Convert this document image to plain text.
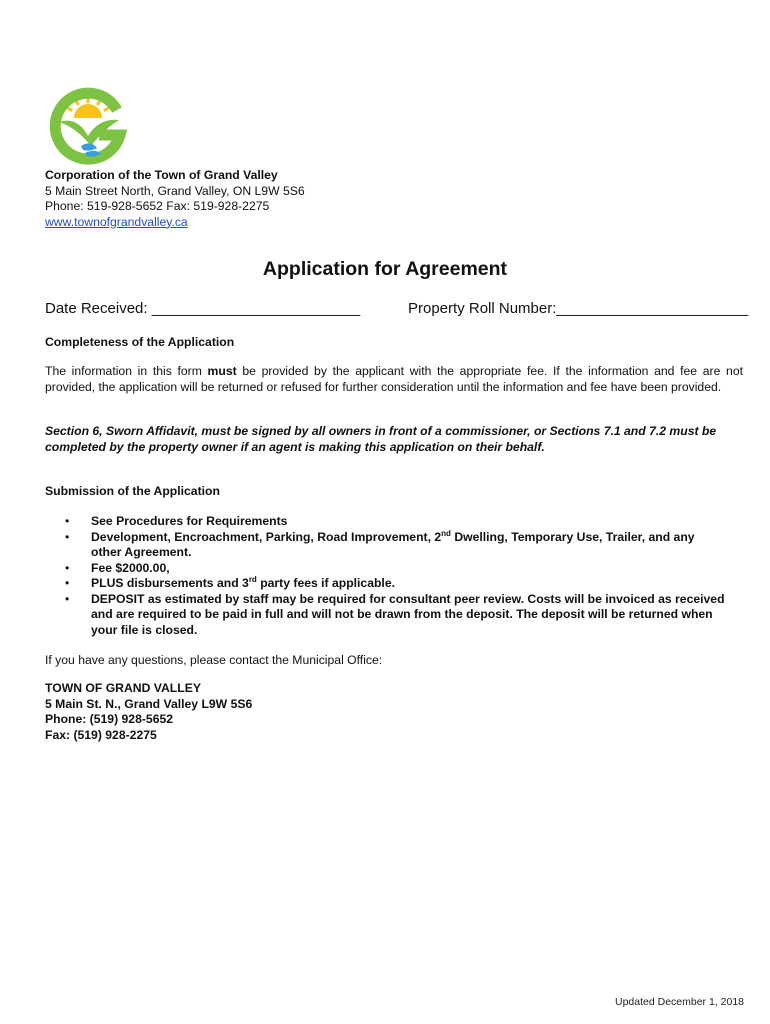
Corporation of the Town of Grand Valley
5 Main Street North, Grand Valley, ON L9W 5S6
Phone: 519-928-5652 Fax: 519-928-2275
www.townofgrandvalley.ca
Application for Agreement
Date Received: _________________________	Property Roll Number:_______________________
Completeness of the Application

The information in this form must be provided by the applicant with the appropriate fee. If the information and fee are not provided, the application will be returned or refused for further consideration until the information and fee have been provided.

Section 6, Sworn Affidavit, must be signed by all owners in front of a commissioner, or Sections 7.1 and 7.2 must be completed by the property owner if an agent is making this application on their behalf.

Submission of the Application
• See Procedures for Requirements
• Development, Encroachment, Parking, Road Improvement, 2nd Dwelling, Temporary Use, Trailer, and any other Agreement.
• Fee $2000.00,
• PLUS disbursements and 3rd party fees if applicable.
• DEPOSIT as estimated by staff may be required for consultant peer review. Costs will be invoiced as received and are required to be paid in full and will not be drawn from the deposit. The deposit will be returned when your file is closed.

If you have any questions, please contact the Municipal Office:

TOWN OF GRAND VALLEY
5 Main St. N., Grand Valley L9W 5S6
Phone: (519) 928-5652
Fax: (519) 928-2275
Updated December 1, 2018
